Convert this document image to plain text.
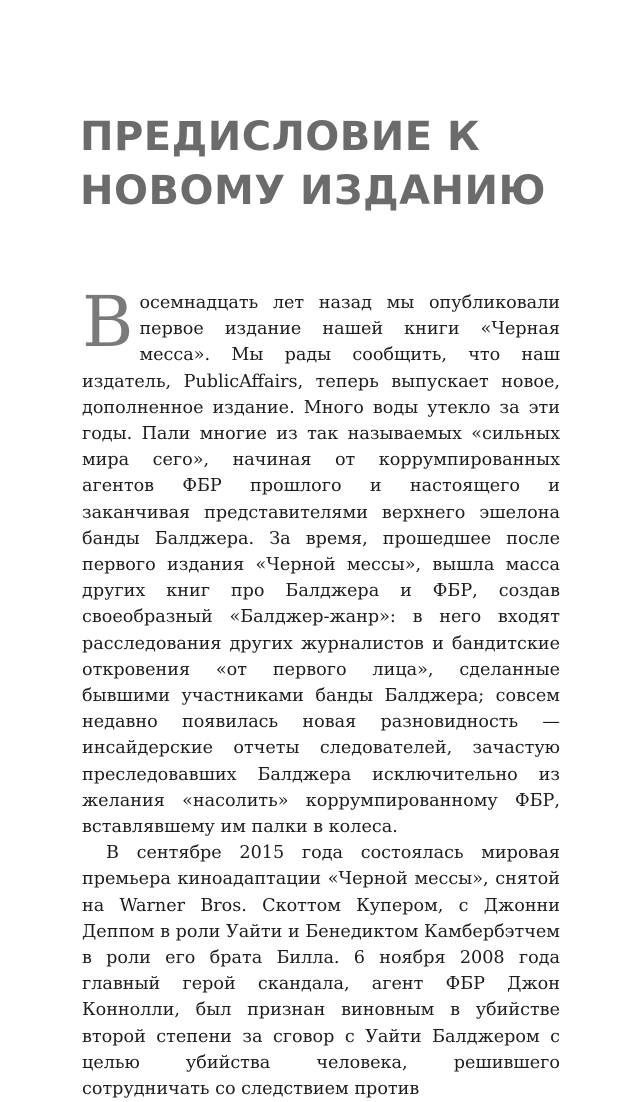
ПРЕДИСЛОВИЕ К НОВОМУ ИЗДАНИЮ

Восемнадцать лет назад мы опубликовали первое издание нашей книги «Черная месса». Мы рады сообщить, что наш издатель, PublicAffairs, теперь выпускает новое, дополненное издание. Много воды утекло за эти годы. Пали многие из так называемых «сильных мира сего», начиная от коррумпированных агентов ФБР прошлого и настоящего и заканчивая представителями верхнего эшелона банды Балджера. За время, прошедшее после первого издания «Черной мессы», вышла масса других книг про Балджера и ФБР, создав своеобразный «Балджер-жанр»: в него входят расследования других журналистов и бандитские откровения «от первого лица», сделанные бывшими участниками банды Балджера; совсем недавно появилась новая разновидность — инсайдерские отчеты следователей, зачастую преследовавших Балджера исключительно из желания «насолить» коррумпированному ФБР, вставлявшему им палки в колеса.

В сентябре 2015 года состоялась мировая премьера киноадаптации «Черной мессы», снятой на Warner Bros. Скоттом Купером, с Джонни Деппом в роли Уайти и Бенедиктом Камбербэтчем в роли его брата Билла. 6 ноября 2008 года главный герой скандала, агент ФБР Джон Коннолли, был признан виновным в убийстве второй степени за сговор с Уайти Балджером с целью убийства человека, решившего сотрудничать со следствием против
